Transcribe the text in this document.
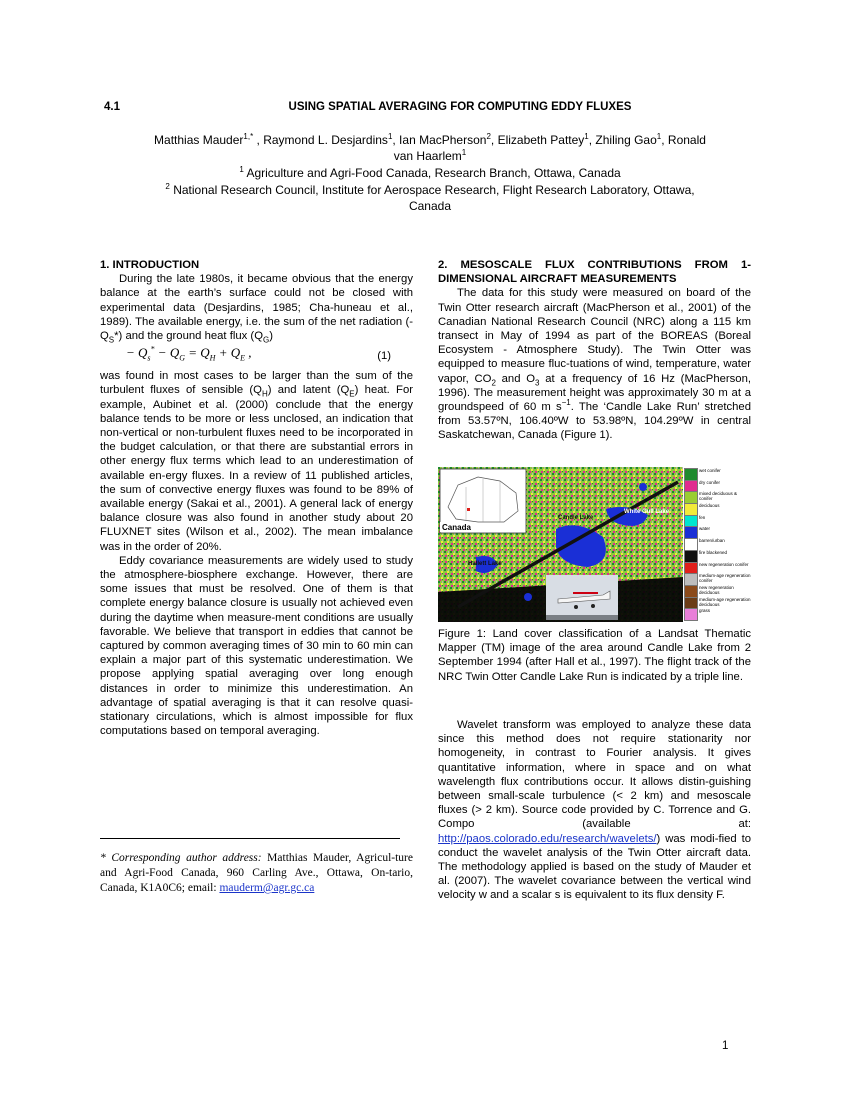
4.1	USING SPATIAL AVERAGING FOR COMPUTING EDDY FLUXES
Matthias Mauder$^{1,*}$ , Raymond L. Desjardins$^1$, Ian MacPherson$^2$, Elizabeth Pattey$^1$, Zhiling Gao$^1$, Ronald van Haarlem$^1$
$^1$ Agriculture and Agri-Food Canada, Research Branch, Ottawa, Canada
$^2$ National Research Council, Institute for Aerospace Research, Flight Research Laboratory, Ottawa, Canada
1. INTRODUCTION

During the late 1980s, it became obvious that the energy balance at the earth’s surface could not be closed with experimental data (Desjardins, 1985; Cha-huneau et al., 1989). The available energy, i.e. the sum of the net radiation $(-Q_S*)$ and the ground heat flux $(Q_G)$

− $Q_s^* - Q_G = Q_H + Q_E$ ,	(1)

was found in most cases to be larger than the sum of the turbulent fluxes of sensible $(Q_H)$ and latent $(Q_E)$ heat. For example, Aubinet et al. (2000) conclude that the energy balance tends to be more or less unclosed, an indication that non-vertical or non-turbulent fluxes need to be incorporated in the budget calculation, or that there are substantial errors in other energy flux terms which lead to an underestimation of available en-ergy fluxes. In a review of 11 published articles, the sum of convective energy fluxes was found to be 89% of available energy (Sakai et al., 2001). A general lack of energy balance closure was also found in another study about 20 FLUXNET sites (Wilson et al., 2002). The mean imbalance was in the order of 20%.

Eddy covariance measurements are widely used to study the atmosphere-biosphere exchange. However, there are some issues that must be resolved. One of them is that complete energy balance closure is usually not achieved even during the daytime when measure-ment conditions are usually favorable. We believe that transport in eddies that cannot be captured by common averaging times of 30 min to 60 min can explain a major part of this systematic underestimation. We propose applying spatial averaging over long enough distances in order to minimize this underestimation. An advantage of spatial averaging is that it can resolve quasi-stationary circulations, which is almost impossible for flux computations based on temporal averaging.

* Corresponding author address: Matthias Mauder, Agricul-ture and Agri-Food Canada, 960 Carling Ave., Ottawa, On-tario, Canada, K1A0C6; email: mauderm@agr.gc.ca
2. MESOSCALE FLUX CONTRIBUTIONS FROM 1-DIMENSIONAL AIRCRAFT MEASUREMENTS

The data for this study were measured on board of the Twin Otter research aircraft (MacPherson et al., 2001) of the Canadian National Research Council (NRC) along a 115 km transect in May of 1994 as part of the BOREAS (Boreal Ecosystem - Atmosphere Study). The Twin Otter was equipped to measure fluc-tuations of wind, temperature, water vapor, $CO_2$ and $O_3$ at a frequency of 16 Hz (MacPherson, 1996). The measurement height was approximately 30 m at a groundspeed of 60 m $s^{-1}$. The ‘Candle Lake Run’ stretched from 53.57ºN, 106.40ºW to 53.98ºN, 104.29ºW in central Saskatchewan, Canada (Figure 1).

Canada
Candle Lake
White Gull Lake
Hallett Lake
wet conifer
dry conifer
mixed deciduous & conifer
deciduous
fen
water
barren/urban
fire blackened
new regeneration conifer
medium-age regeneration conifer
new regeneration deciduous
medium-age regeneration deciduous
grass

Figure 1: Land cover classification of a Landsat Thematic Mapper (TM) image of the area around Candle Lake from 2 September 1994 (after Hall et al., 1997). The flight track of the NRC Twin Otter Candle Lake Run is indicated by a triple line.

Wavelet transform was employed to analyze these data since this method does not require stationarity nor homogeneity, in contrast to Fourier analysis. It gives quantitative information, where in space and on what wavelength flux contributions occur. It allows distin-guishing between small-scale turbulence (< 2 km) and mesoscale fluxes (> 2 km). Source code provided by C. Torrence and G. Compo (available at: http://paos.colorado.edu/research/wavelets/) was modi-fied to conduct the wavelet analysis of the Twin Otter aircraft data. The methodology applied is based on the study of Mauder et al. (2007). The wavelet covariance between the vertical wind velocity w and a scalar s is equivalent to its flux density F.

1
